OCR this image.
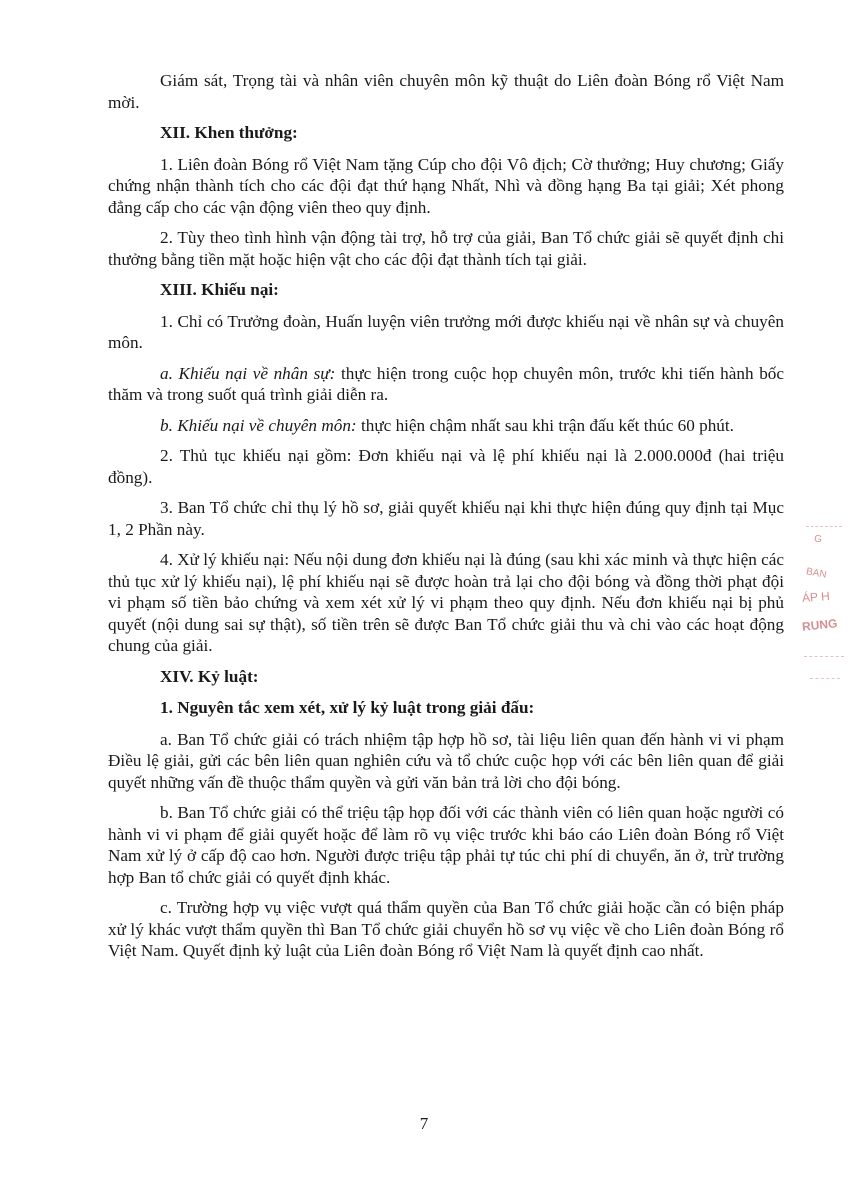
Giám sát, Trọng tài và nhân viên chuyên môn kỹ thuật do Liên đoàn Bóng rổ Việt Nam mời.

XII. Khen thưởng:

1. Liên đoàn Bóng rổ Việt Nam tặng Cúp cho đội Vô địch; Cờ thưởng; Huy chương; Giấy chứng nhận thành tích cho các đội đạt thứ hạng Nhất, Nhì và đồng hạng Ba tại giải; Xét phong đẳng cấp cho các vận động viên theo quy định.

2. Tùy theo tình hình vận động tài trợ, hỗ trợ của giải, Ban Tổ chức giải sẽ quyết định chi thưởng bằng tiền mặt hoặc hiện vật cho các đội đạt thành tích tại giải.

XIII. Khiếu nại:

1. Chỉ có Trưởng đoàn, Huấn luyện viên trưởng mới được khiếu nại về nhân sự và chuyên môn.

a. Khiếu nại về nhân sự: thực hiện trong cuộc họp chuyên môn, trước khi tiến hành bốc thăm và trong suốt quá trình giải diễn ra.

b. Khiếu nại về chuyên môn: thực hiện chậm nhất sau khi trận đấu kết thúc 60 phút.

2. Thủ tục khiếu nại gồm: Đơn khiếu nại và lệ phí khiếu nại là 2.000.000đ (hai triệu đồng).

3. Ban Tổ chức chỉ thụ lý hồ sơ, giải quyết khiếu nại khi thực hiện đúng quy định tại Mục 1, 2 Phần này.

4. Xử lý khiếu nại: Nếu nội dung đơn khiếu nại là đúng (sau khi xác minh và thực hiện các thủ tục xử lý khiếu nại), lệ phí khiếu nại sẽ được hoàn trả lại cho đội bóng và đồng thời phạt đội vi phạm số tiền bảo chứng và xem xét xử lý vi phạm theo quy định. Nếu đơn khiếu nại bị phủ quyết (nội dung sai sự thật), số tiền trên sẽ được Ban Tổ chức giải thu và chi vào các hoạt động chung của giải.

XIV. Kỷ luật:

1. Nguyên tắc xem xét, xử lý kỷ luật trong giải đấu:

a. Ban Tổ chức giải có trách nhiệm tập hợp hồ sơ, tài liệu liên quan đến hành vi vi phạm Điều lệ giải, gửi các bên liên quan nghiên cứu và tổ chức cuộc họp với các bên liên quan để giải quyết những vấn đề thuộc thẩm quyền và gửi văn bản trả lời cho đội bóng.

b. Ban Tổ chức giải có thể triệu tập họp đối với các thành viên có liên quan hoặc người có hành vi vi phạm để giải quyết hoặc để làm rõ vụ việc trước khi báo cáo Liên đoàn Bóng rổ Việt Nam xử lý ở cấp độ cao hơn. Người được triệu tập phải tự túc chi phí di chuyển, ăn ở, trừ trường hợp Ban tổ chức giải có quyết định khác.

c. Trường hợp vụ việc vượt quá thẩm quyền của Ban Tổ chức giải hoặc cần có biện pháp xử lý khác vượt thẩm quyền thì Ban Tổ chức giải chuyển hồ sơ vụ việc về cho Liên đoàn Bóng rổ Việt Nam. Quyết định kỷ luật của Liên đoàn Bóng rổ Việt Nam là quyết định cao nhất.

G
BAN
ÁP H
RUNG
7
